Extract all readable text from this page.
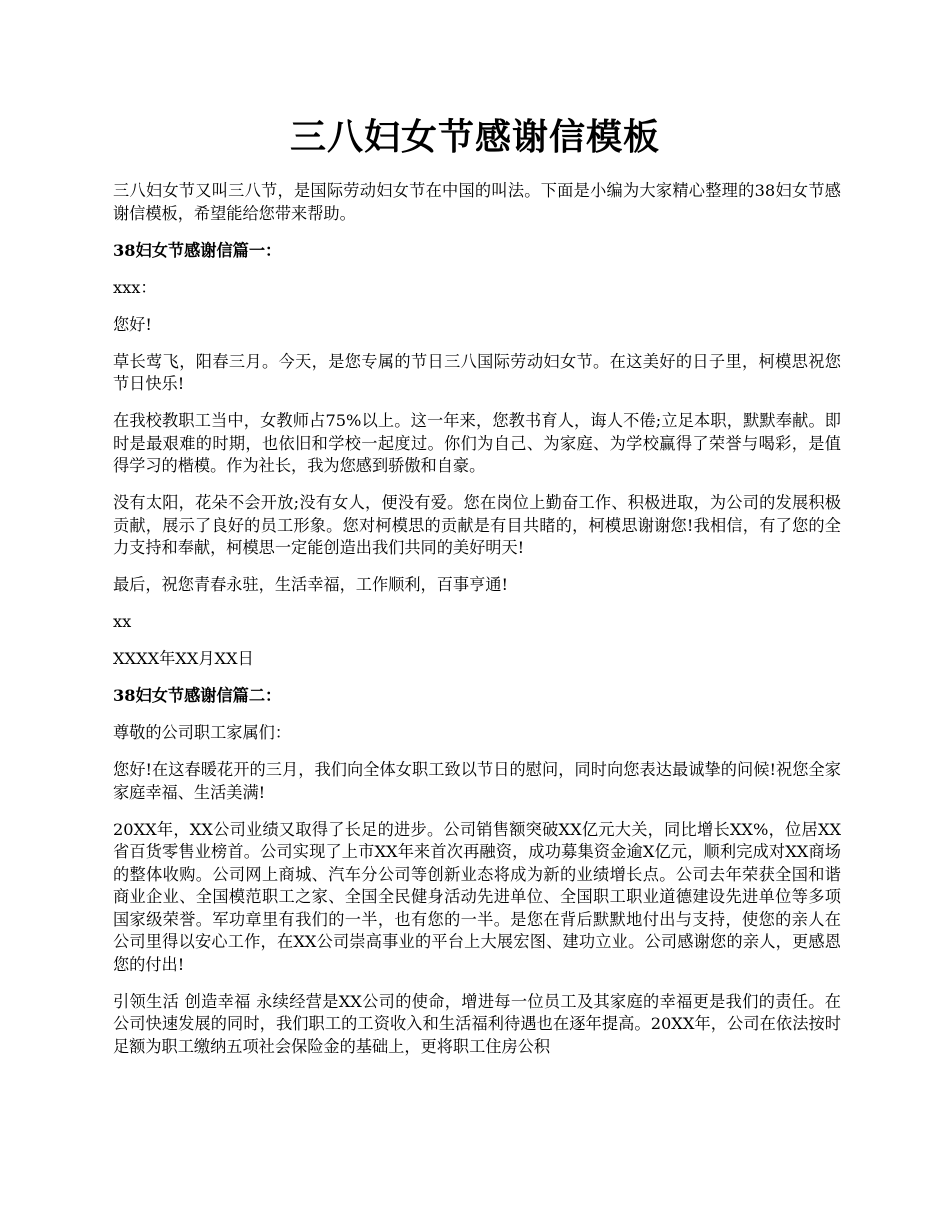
三八妇女节感谢信模板

三八妇女节又叫三八节，是国际劳动妇女节在中国的叫法。下面是小编为大家精心整理的38妇女节感谢信模板，希望能给您带来帮助。

38妇女节感谢信篇一：

xxx：

您好!

草长莺飞，阳春三月。今天，是您专属的节日三八国际劳动妇女节。在这美好的日子里，柯模思祝您节日快乐!

在我校教职工当中，女教师占75%以上。这一年来，您教书育人，诲人不倦;立足本职，默默奉献。即时是最艰难的时期，也依旧和学校一起度过。你们为自己、为家庭、为学校赢得了荣誉与喝彩，是值得学习的楷模。作为社长，我为您感到骄傲和自豪。

没有太阳，花朵不会开放;没有女人，便没有爱。您在岗位上勤奋工作、积极进取，为公司的发展积极贡献，展示了良好的员工形象。您对柯模思的贡献是有目共睹的，柯模思谢谢您!我相信，有了您的全力支持和奉献，柯模思一定能创造出我们共同的美好明天!

最后，祝您青春永驻，生活幸福，工作顺利，百事亨通!

xx

XXXX年XX月XX日

38妇女节感谢信篇二：

尊敬的公司职工家属们：

您好!在这春暖花开的三月，我们向全体女职工致以节日的慰问，同时向您表达最诚挚的问候!祝您全家家庭幸福、生活美满!

20XX年，XX公司业绩又取得了长足的进步。公司销售额突破XX亿元大关，同比增长XX%，位居XX省百货零售业榜首。公司实现了上市XX年来首次再融资，成功募集资金逾X亿元，顺利完成对XX商场的整体收购。公司网上商城、汽车分公司等创新业态将成为新的业绩增长点。公司去年荣获全国和谐商业企业、全国模范职工之家、全国全民健身活动先进单位、全国职工职业道德建设先进单位等多项国家级荣誉。军功章里有我们的一半，也有您的一半。是您在背后默默地付出与支持，使您的亲人在公司里得以安心工作，在XX公司崇高事业的平台上大展宏图、建功立业。公司感谢您的亲人，更感恩您的付出!

引领生活 创造幸福 永续经营是XX公司的使命，增进每一位员工及其家庭的幸福更是我们的责任。在公司快速发展的同时，我们职工的工资收入和生活福利待遇也在逐年提高。20XX年，公司在依法按时足额为职工缴纳五项社会保险金的基础上，更将职工住房公积
